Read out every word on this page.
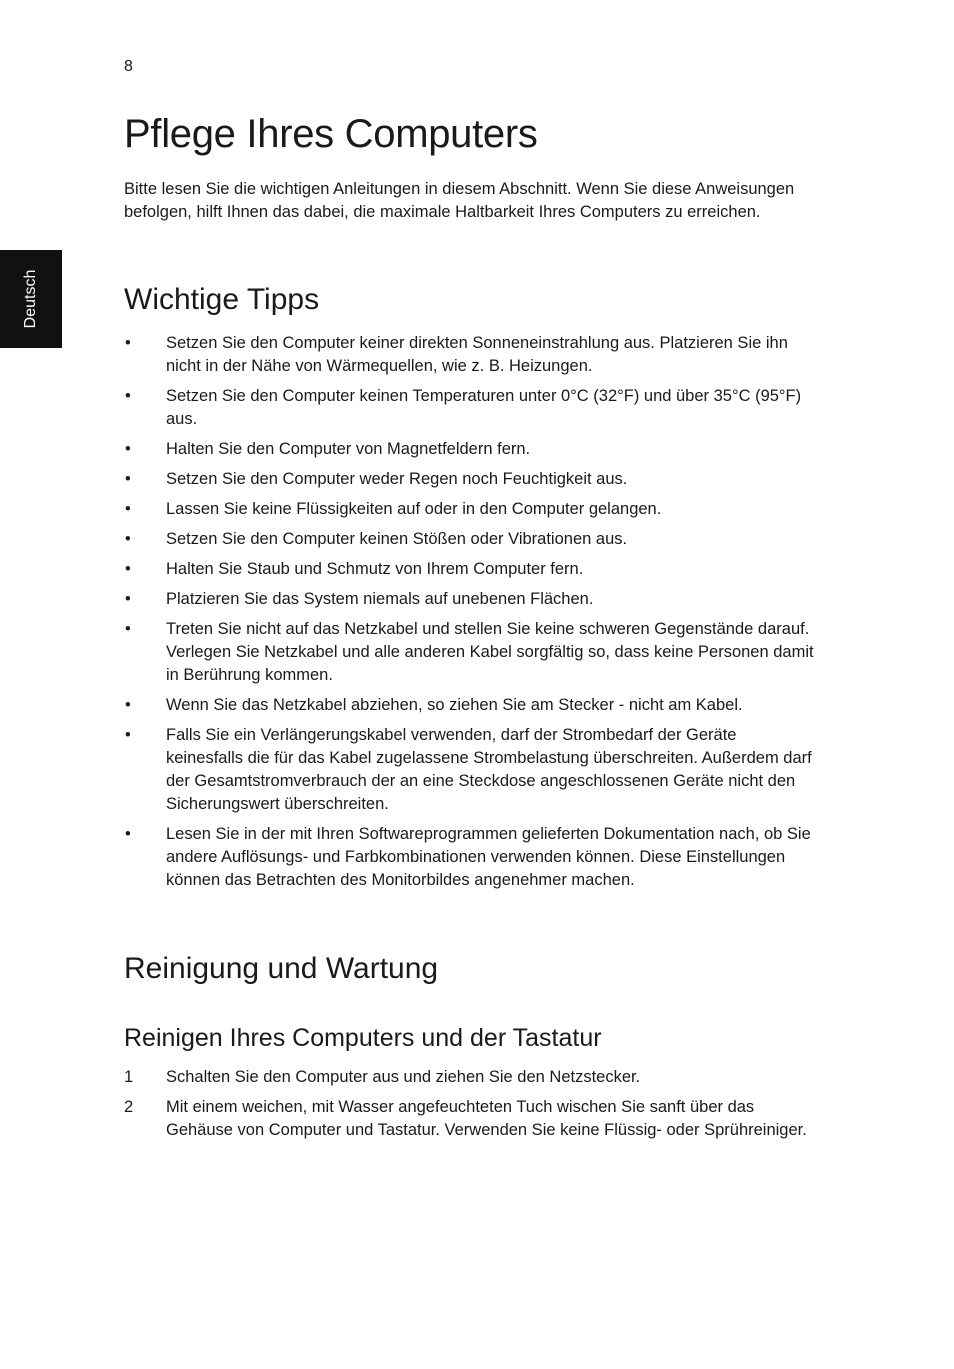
8
Deutsch
Pflege Ihres Computers

Bitte lesen Sie die wichtigen Anleitungen in diesem Abschnitt. Wenn Sie diese Anweisungen befolgen, hilft Ihnen das dabei, die maximale Haltbarkeit Ihres Computers zu erreichen.

Wichtige Tipps
• Setzen Sie den Computer keiner direkten Sonneneinstrahlung aus. Platzieren Sie ihn nicht in der Nähe von Wärmequellen, wie z. B. Heizungen.
• Setzen Sie den Computer keinen Temperaturen unter 0°C (32°F) und über 35°C (95°F) aus.
• Halten Sie den Computer von Magnetfeldern fern.
• Setzen Sie den Computer weder Regen noch Feuchtigkeit aus.
• Lassen Sie keine Flüssigkeiten auf oder in den Computer gelangen.
• Setzen Sie den Computer keinen Stößen oder Vibrationen aus.
• Halten Sie Staub und Schmutz von Ihrem Computer fern.
• Platzieren Sie das System niemals auf unebenen Flächen.
• Treten Sie nicht auf das Netzkabel und stellen Sie keine schweren Gegenstände darauf. Verlegen Sie Netzkabel und alle anderen Kabel sorgfältig so, dass keine Personen damit in Berührung kommen.
• Wenn Sie das Netzkabel abziehen, so ziehen Sie am Stecker - nicht am Kabel.
• Falls Sie ein Verlängerungskabel verwenden, darf der Strombedarf der Geräte keinesfalls die für das Kabel zugelassene Strombelastung überschreiten. Außerdem darf der Gesamtstromverbrauch der an eine Steckdose angeschlossenen Geräte nicht den Sicherungswert überschreiten.
• Lesen Sie in der mit Ihren Softwareprogrammen gelieferten Dokumentation nach, ob Sie andere Auflösungs- und Farbkombinationen verwenden können. Diese Einstellungen können das Betrachten des Monitorbildes angenehmer machen.
Reinigung und Wartung
Reinigen Ihres Computers und der Tastatur
1 Schalten Sie den Computer aus und ziehen Sie den Netzstecker.
2 Mit einem weichen, mit Wasser angefeuchteten Tuch wischen Sie sanft über das Gehäuse von Computer und Tastatur. Verwenden Sie keine Flüssig- oder Sprühreiniger.
